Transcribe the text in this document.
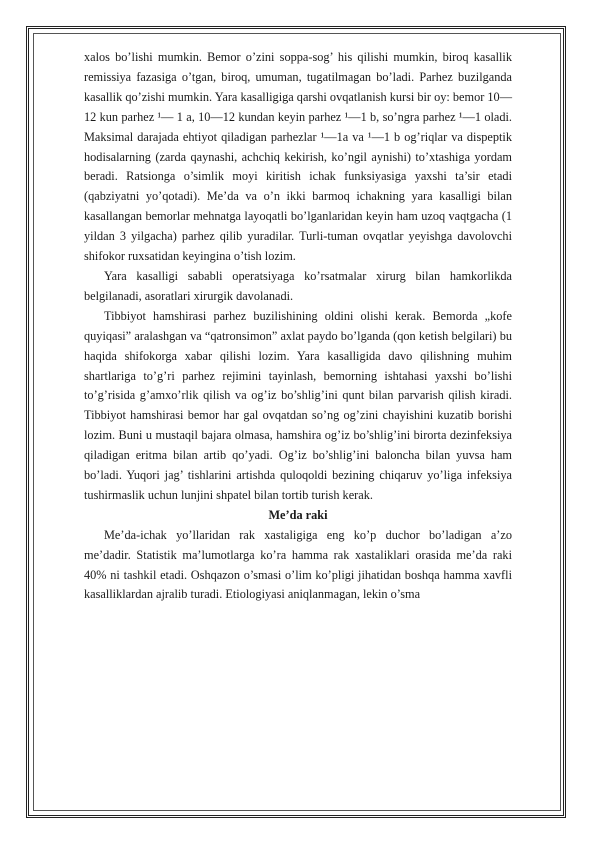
xalos bo’lishi mumkin. Bemor o’zini soppa-sog’ his qilishi mumkin, biroq kasallik remissiya fazasiga o’tgan, biroq, umuman, tugatilmagan bo’ladi. Parhez buzilganda kasallik qo’zishi mumkin. Yara kasalligiga qarshi ovqatlanish kursi bir oy: bemor 10—12 kun parhez ¹— 1 a, 10—12 kundan keyin parhez ¹—1 b, so’ngra parhez ¹—1 oladi. Maksimal darajada ehtiyot qiladigan parhezlar ¹—1a va ¹—1 b og’riqlar va dispeptik hodisalarning (zarda qaynashi, achchiq kekirish, ko’ngil aynishi) to’xtashiga yordam beradi. Ratsionga o’simlik moyi kiritish ichak funksiyasiga yaxshi ta’sir etadi (qabziyatni yo’qotadi). Me’da va o’n ikki barmoq ichakning yara kasalligi bilan kasallangan bemorlar mehnatga layoqatli bo’lganlaridan keyin ham uzoq vaqtgacha (1 yildan 3 yilgacha) parhez qilib yuradilar. Turli-tuman ovqatlar yeyishga davolovchi shifokor ruxsatidan keyingina o’tish lozim.

Yara kasalligi sababli operatsiyaga ko’rsatmalar xirurg bilan hamkorlikda belgilanadi, asoratlari xirurgik davolanadi.

Tibbiyot hamshirasi parhez buzilishining oldini olishi kerak. Bemorda „kofe quyiqasi” aralashgan va “qatronsimon” axlat paydo bo’lganda (qon ketish belgilari) bu haqida shifokorga xabar qilishi lozim. Yara kasalligida davo qilishning muhim shartlariga to’g’ri parhez rejimini tayinlash, bemorning ishtahasi yaxshi bo’lishi to’g’risida g’amxo’rlik qilish va og’iz bo’shlig’ini qunt bilan parvarish qilish kiradi. Tibbiyot hamshirasi bemor har gal ovqatdan so’ng og’zini chayishini kuzatib borishi lozim. Buni u mustaqil bajara olmasa, hamshira og’iz bo’shlig’ini birorta dezinfeksiya qiladigan eritma bilan artib qo’yadi. Og’iz bo’shlig’ini baloncha bilan yuvsa ham bo’ladi. Yuqori jag’ tishlarini artishda quloqoldi bezining chiqaruv yo’liga infeksiya tushirmaslik uchun lunjini shpatel bilan tortib turish kerak.

Me’da raki

Me’da-ichak yo’llaridan rak xastaligiga eng ko’p duchor bo’ladigan a’zo me’dadir. Statistik ma’lumotlarga ko’ra hamma rak xastaliklari orasida me’da raki 40% ni tashkil etadi. Oshqazon o’smasi o’lim ko’pligi jihatidan boshqa hamma xavfli kasalliklardan ajralib turadi. Etiologiyasi aniqlanmagan, lekin o’sma
